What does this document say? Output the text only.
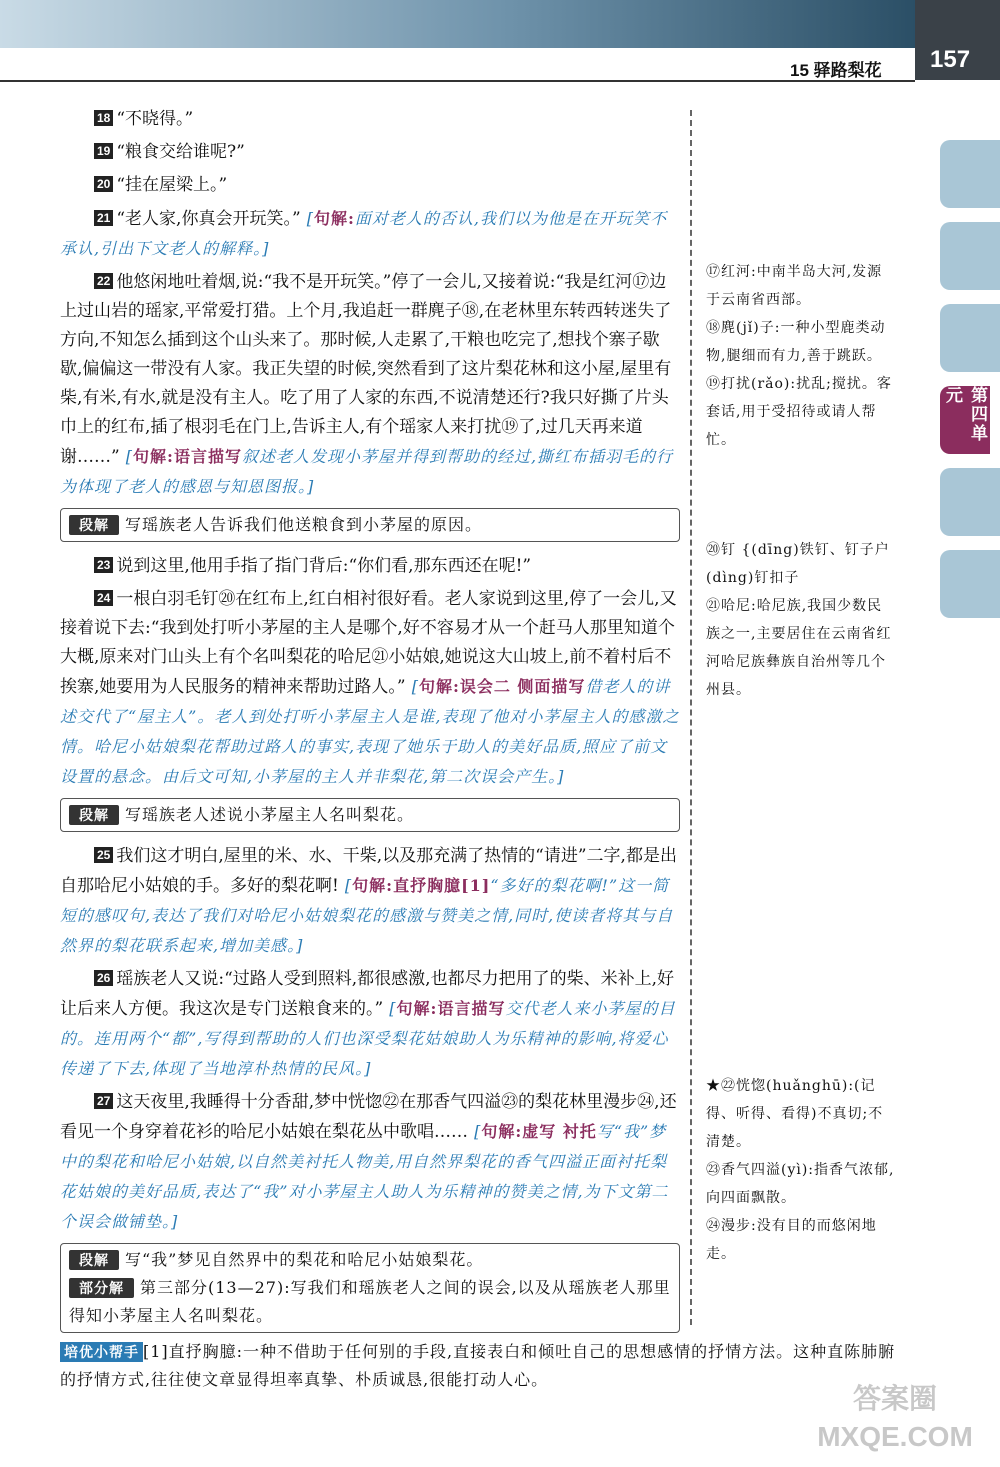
157
15 驿路梨花
第四单元

18 “不晓得。”

19 “粮食交给谁呢?”

20 “挂在屋梁上。”

21 “老人家,你真会开玩笑。” [句解:面对老人的否认,我们以为他是在开玩笑不承认,引出下文老人的解释。]

22 他悠闲地吐着烟,说:“我不是开玩笑。”停了一会儿,又接着说:“我是红河⑰边上过山岩的瑶家,平常爱打猎。上个月,我追赶一群麂子⑱,在老林里东转西转迷失了方向,不知怎么插到这个山头来了。那时候,人走累了,干粮也吃完了,想找个寨子歇歇,偏偏这一带没有人家。我正失望的时候,突然看到了这片梨花林和这小屋,屋里有柴,有米,有水,就是没有主人。吃了用了人家的东西,不说清楚还行?我只好撕了片头巾上的红布,插了根羽毛在门上,告诉主人,有个瑶家人来打扰⑲了,过几天再来道谢……” [句解:语言描写叙述老人发现小茅屋并得到帮助的经过,撕红布插羽毛的行为体现了老人的感恩与知恩图报。]

段解 写瑶族老人告诉我们他送粮食到小茅屋的原因。

23 说到这里,他用手指了指门背后:“你们看,那东西还在呢!”

24 一根白羽毛钉⑳在红布上,红白相衬很好看。老人家说到这里,停了一会儿,又接着说下去:“我到处打听小茅屋的主人是哪个,好不容易才从一个赶马人那里知道个大概,原来对门山头上有个名叫梨花的哈尼㉑小姑娘,她说这大山坡上,前不着村后不挨寨,她要用为人民服务的精神来帮助过路人。” [句解:误会二 侧面描写借老人的讲述交代了“屋主人”。老人到处打听小茅屋主人是谁,表现了他对小茅屋主人的感激之情。哈尼小姑娘梨花帮助过路人的事实,表现了她乐于助人的美好品质,照应了前文设置的悬念。由后文可知,小茅屋的主人并非梨花,第二次误会产生。]

段解 写瑶族老人述说小茅屋主人名叫梨花。

25 我们这才明白,屋里的米、水、干柴,以及那充满了热情的“请进”二字,都是出自那哈尼小姑娘的手。多好的梨花啊! [句解:直抒胸臆[1]“多好的梨花啊!”这一简短的感叹句,表达了我们对哈尼小姑娘梨花的感激与赞美之情,同时,使读者将其与自然界的梨花联系起来,增加美感。]

26 瑶族老人又说:“过路人受到照料,都很感激,也都尽力把用了的柴、米补上,好让后来人方便。我这次是专门送粮食来的。” [句解:语言描写交代老人来小茅屋的目的。连用两个“都”,写得到帮助的人们也深受梨花姑娘助人为乐精神的影响,将爱心传递了下去,体现了当地淳朴热情的民风。]

27 这天夜里,我睡得十分香甜,梦中恍惚㉒在那香气四溢㉓的梨花林里漫步㉔,还看见一个身穿着花衫的哈尼小姑娘在梨花丛中歌唱…… [句解:虚写 衬托写“我”梦中的梨花和哈尼小姑娘,以自然美衬托人物美,用自然界梨花的香气四溢正面衬托梨花姑娘的美好品质,表达了“我”对小茅屋主人助人为乐精神的赞美之情,为下文第二个误会做铺垫。]

段解 写“我”梦见自然界中的梨花和哈尼小姑娘梨花。
部分解 第三部分(13—27):写我们和瑶族老人之间的误会,以及从瑶族老人那里得知小茅屋主人名叫梨花。

⑰红河:中南半岛大河,发源于云南省西部。

⑱麂(jǐ)子:一种小型鹿类动物,腿细而有力,善于跳跃。

⑲打扰(rǎo):扰乱;搅扰。客套话,用于受招待或请人帮忙。

⑳钉 {(dīng)铁钉、钉子户 (dìng)钉扣子

㉑哈尼:哈尼族,我国少数民族之一,主要居住在云南省红河哈尼族彝族自治州等几个州县。

★㉒恍惚(huǎnghū):(记得、听得、看得)不真切;不清楚。

㉓香气四溢(yì):指香气浓郁,向四面飘散。

㉔漫步:没有目的而悠闲地走。

培优小帮手 [1]直抒胸臆:一种不借助于任何别的手段,直接表白和倾吐自己的思想感情的抒情方法。这种直陈肺腑的抒情方式,往往使文章显得坦率真挚、朴质诚恳,很能打动人心。
答案圈 MXQE.COM
